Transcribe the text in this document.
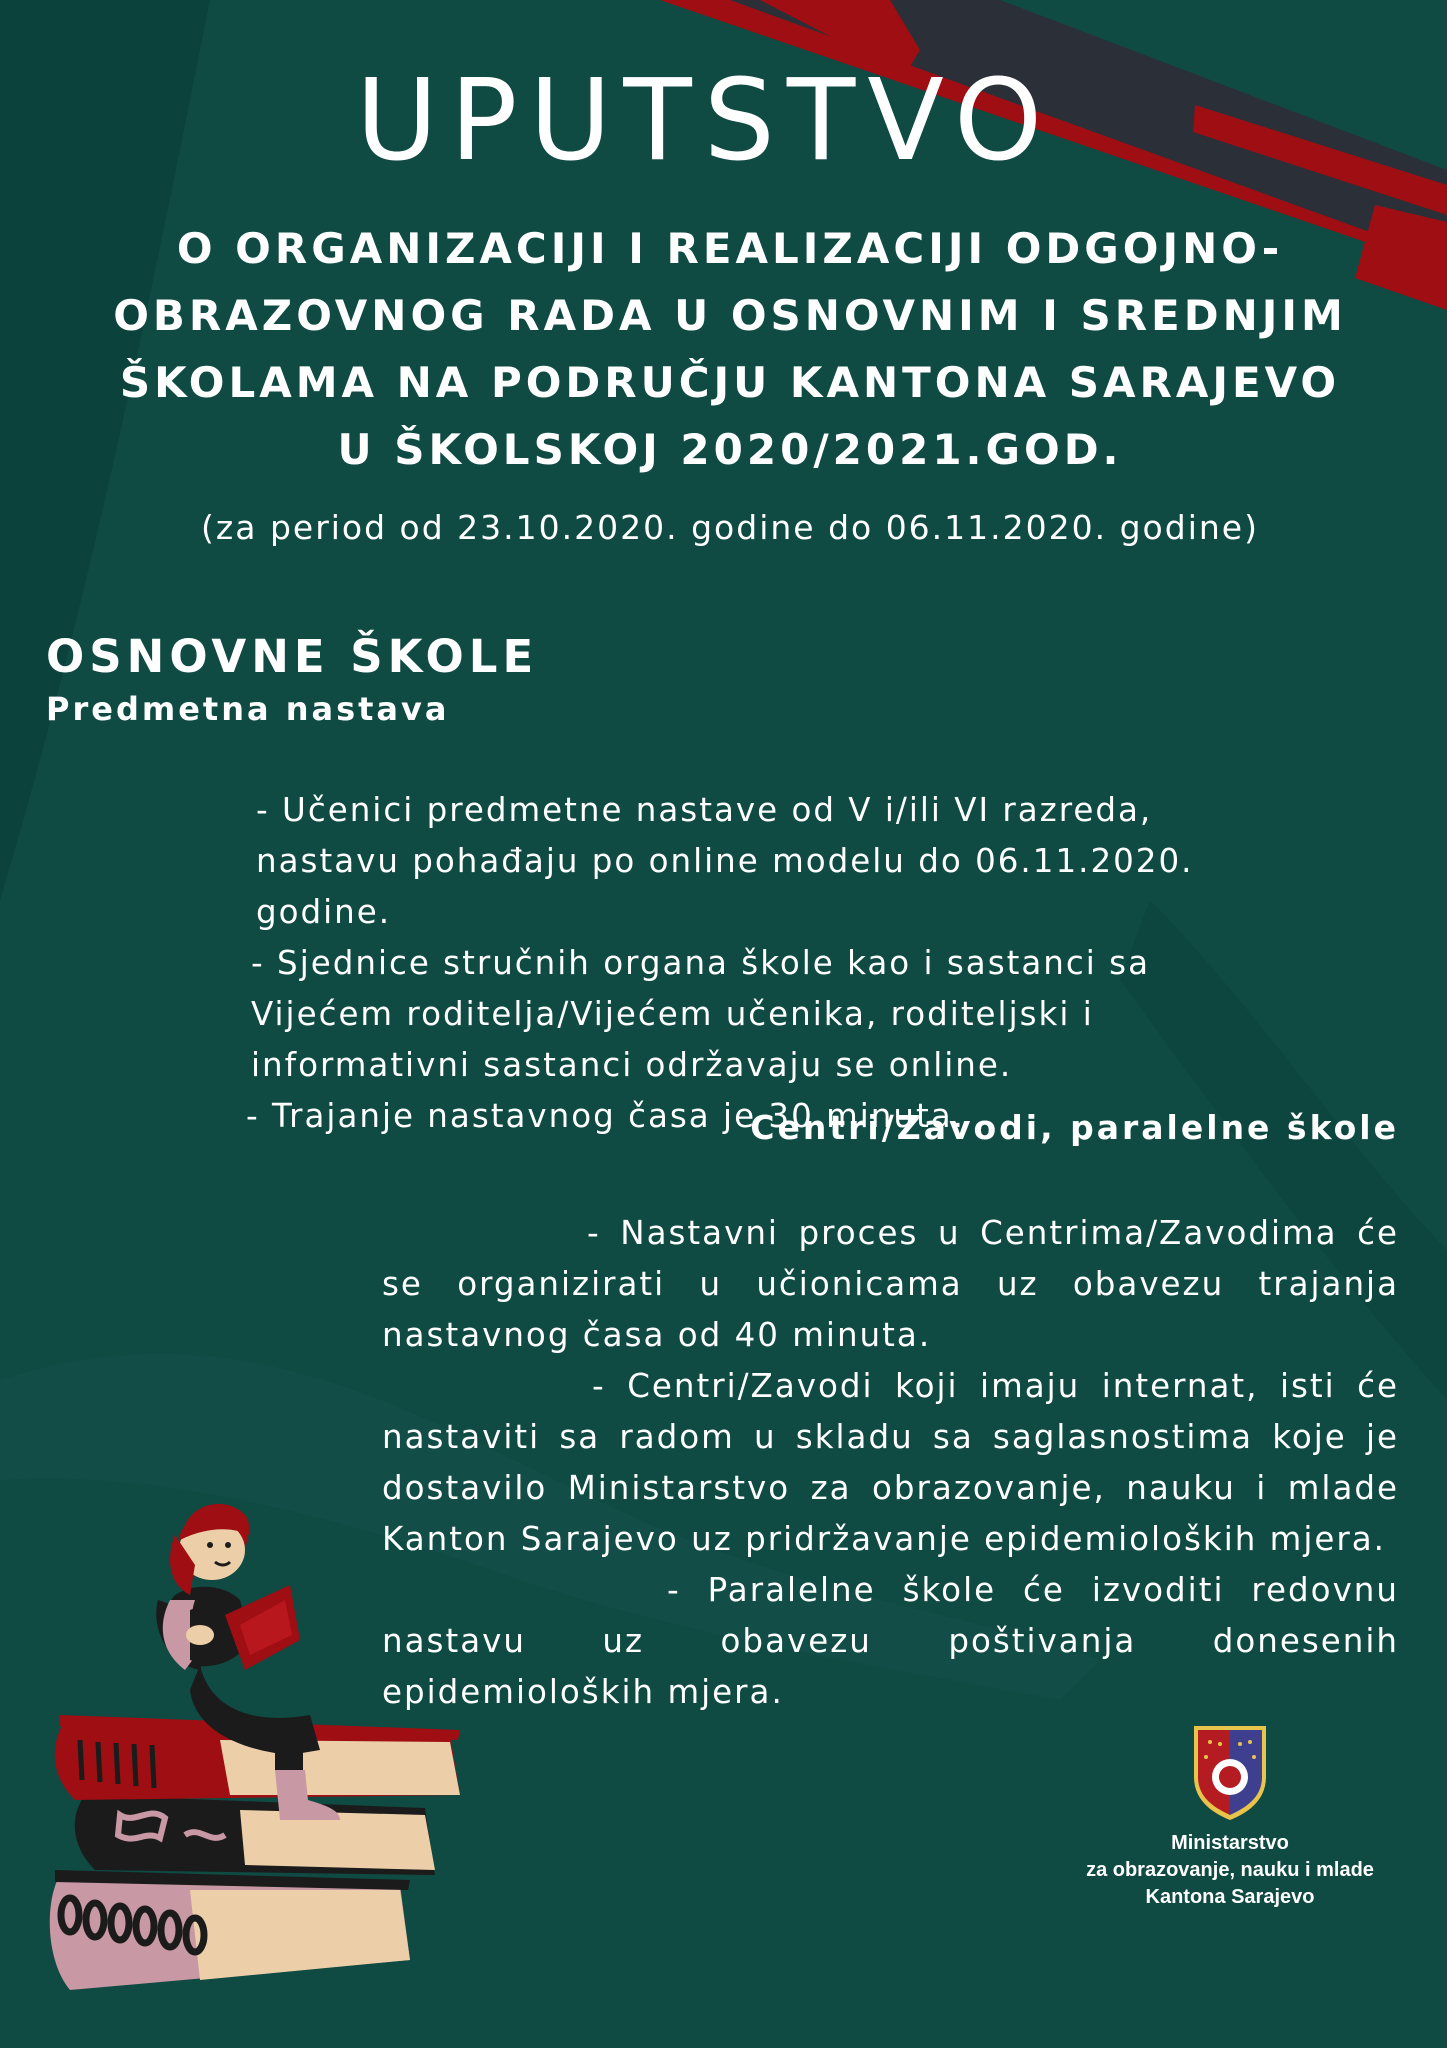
UPUTSTVO
O ORGANIZACIJI I REALIZACIJI ODGOJNO-
OBRAZOVNOG RADA U OSNOVNIM I SREDNJIM
ŠKOLAMA NA PODRUČJU KANTONA SARAJEVO
U ŠKOLSKOJ 2020/2021.GOD.

(za period od 23.10.2020. godine do 06.11.2020. godine)

OSNOVNE ŠKOLE
Predmetna nastava

- Učenici predmetne nastave od V i/ili VI razreda, nastavu pohađaju po online modelu do 06.11.2020. godine.

- Sjednice stručnih organa škole kao i sastanci sa Vijećem roditelja/Vijećem učenika, roditeljski i informativni sastanci održavaju se online.

- Trajanje nastavnog časa je 30 minuta.

Centri/Zavodi, paralelne škole

- Nastavni proces u Centrima/Zavodima će se organizirati u učionicama uz obavezu trajanja nastavnog časa od 40 minuta.

- Centri/Zavodi koji imaju internat, isti će nastaviti sa radom u skladu sa saglasnostima koje je dostavilo Ministarstvo za obrazovanje, nauku i mlade Kanton Sarajevo uz pridržavanje epidemioloških mjera.

- Paralelne škole će izvoditi redovnu nastavu uz obavezu poštivanja donesenih epidemioloških mjera.

Ministarstvo
za obrazovanje, nauku i mlade
Kantona Sarajevo
